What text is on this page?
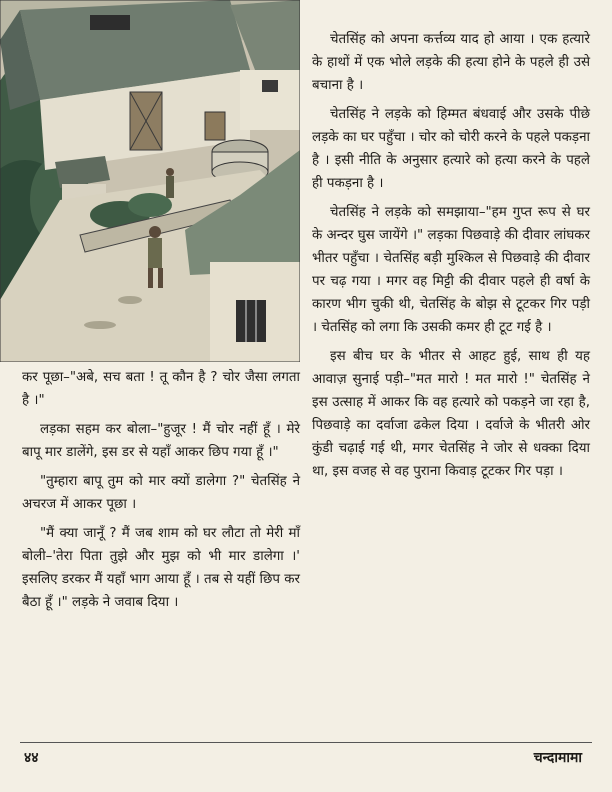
कर पूछा–"अबे, सच बता ! तू कौन है ? चोर जैसा लगता है ।"

लड़का सहम कर बोला–"हुजूर ! मैं चोर नहीं हूँ । मेरे बापू मार डालेंगे, इस डर से यहाँ आकर छिप गया हूँ ।"

"तुम्हारा बापू तुम को मार क्यों डालेगा ?" चेतसिंह ने अचरज में आकर पूछा ।

"मैं क्या जानूँ ? मैं जब शाम को घर लौटा तो मेरी माँ बोली–'तेरा पिता तुझे और मुझ को भी मार डालेगा ।' इसलिए डरकर मैं यहाँ भाग आया हूँ । तब से यहीं छिप कर बैठा हूँ ।" लड़के ने जवाब दिया ।

चेतसिंह को अपना कर्त्तव्य याद हो आया । एक हत्यारे के हाथों में एक भोले लड़के की हत्या होने के पहले ही उसे बचाना है ।

चेतसिंह ने लड़के को हिम्मत बंधवाई और उसके पीछे लड़के का घर पहुँचा । चोर को चोरी करने के पहले पकड़ना है । इसी नीति के अनुसार हत्यारे को हत्या करने के पहले ही पकड़ना है ।

चेतसिंह ने लड़के को समझाया–"हम गुप्त रूप से घर के अन्दर घुस जायेंगे ।" लड़का पिछवाड़े की दीवार लांघकर भीतर पहुँचा । चेतसिंह बड़ी मुश्किल से पिछवाड़े की दीवार पर चढ़ गया । मगर वह मिट्टी की दीवार पहले ही वर्षा के कारण भीग चुकी थी, चेतसिंह के बोझ से टूटकर गिर पड़ी । चेतसिंह को लगा कि उसकी कमर ही टूट गई है ।

इस बीच घर के भीतर से आहट हुई, साथ ही यह आवाज़ सुनाई पड़ी–"मत मारो ! मत मारो !" चेतसिंह ने इस उत्साह में आकर कि वह हत्यारे को पकड़ने जा रहा है, पिछवाड़े का दर्वाजा ढकेल दिया । दर्वाजे के भीतरी ओर कुंडी चढ़ाई गई थी, मगर चेतसिंह ने जोर से धक्का दिया था, इस वजह से वह पुराना किवाड़ टूटकर गिर पड़ा ।

४४	चन्दामामा
